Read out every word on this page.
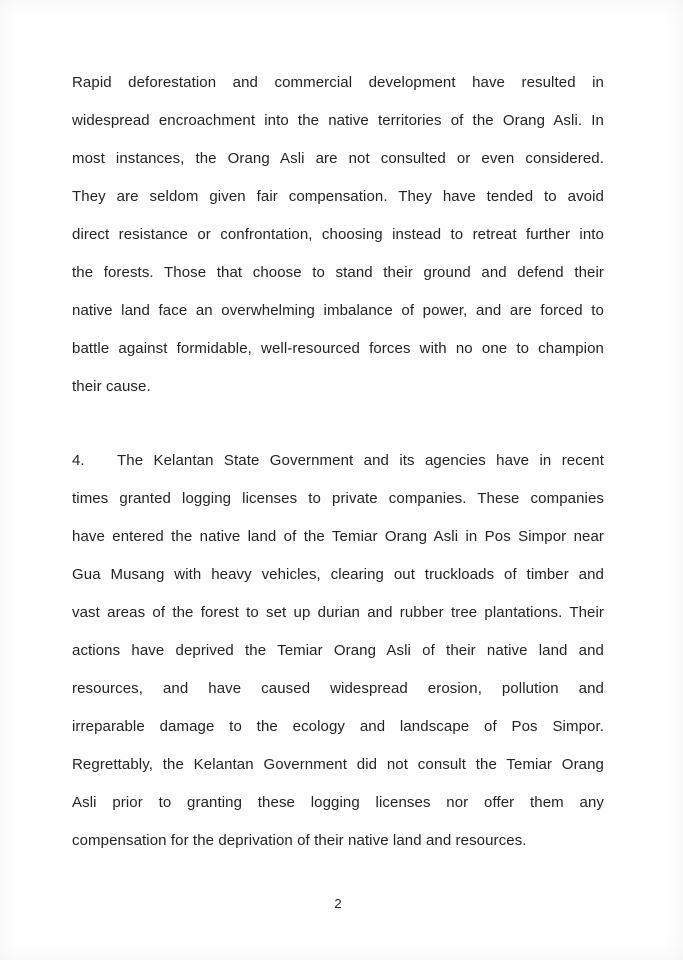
Rapid deforestation and commercial development have resulted in
widespread encroachment into the native territories of the Orang Asli. In
most instances, the Orang Asli are not consulted or even considered.
They are seldom given fair compensation. They have tended to avoid
direct resistance or confrontation, choosing instead to retreat further into
the forests. Those that choose to stand their ground and defend their
native land face an overwhelming imbalance of power, and are forced to
battle against formidable, well-resourced forces with no one to champion
their cause.
4.	The Kelantan State Government and its agencies have in recent
times granted logging licenses to private companies. These companies
have entered the native land of the Temiar Orang Asli in Pos Simpor near
Gua Musang with heavy vehicles, clearing out truckloads of timber and
vast areas of the forest to set up durian and rubber tree plantations. Their
actions have deprived the Temiar Orang Asli of their native land and
resources, and have caused widespread erosion, pollution and
irreparable damage to the ecology and landscape of Pos Simpor.
Regrettably, the Kelantan Government did not consult the Temiar Orang
Asli prior to granting these logging licenses nor offer them any
compensation for the deprivation of their native land and resources.
2
